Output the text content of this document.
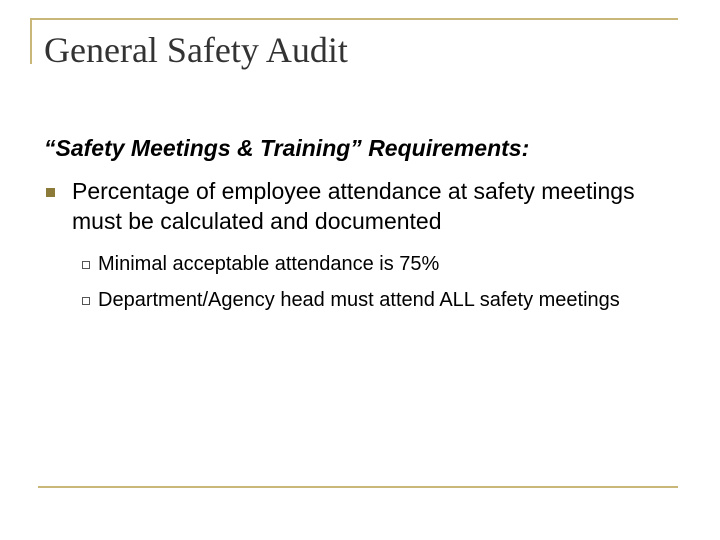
General Safety Audit
“Safety Meetings & Training” Requirements:
Percentage of employee attendance at safety meetings must be calculated and documented
Minimal acceptable attendance is 75%
Department/Agency head must attend ALL safety meetings
